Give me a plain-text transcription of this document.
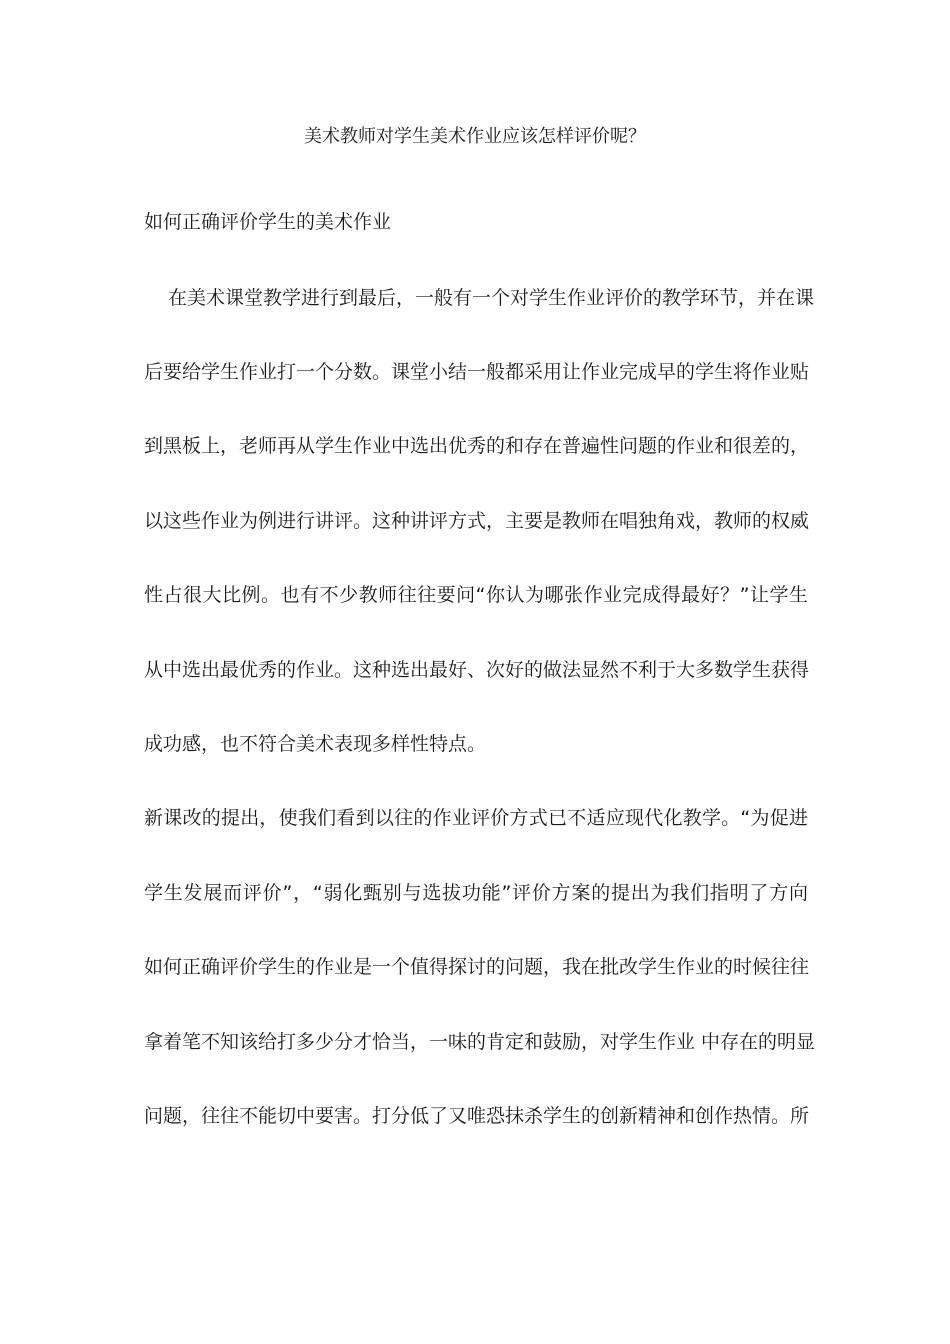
美术教师对学生美术作业应该怎样评价呢？
如何正确评价学生的美术作业
在美术课堂教学进行到最后，一般有一个对学生作业评价的教学环节，并在课
后要给学生作业打一个分数。课堂小结一般都采用让作业完成早的学生将作业贴
到黑板上，老师再从学生作业中选出优秀的和存在普遍性问题的作业和很差的，
以这些作业为例进行讲评。这种讲评方式，主要是教师在唱独角戏，教师的权威
性占很大比例。也有不少教师往往要问“你认为哪张作业完成得最好？”让学生
从中选出最优秀的作业。这种选出最好、次好的做法显然不利于大多数学生获得
成功感，也不符合美术表现多样性特点。
新课改的提出，使我们看到以往的作业评价方式已不适应现代化教学。“为促进
学生发展而评价”，“弱化甄别与选拔功能”评价方案的提出为我们指明了方向
如何正确评价学生的作业是一个值得探讨的问题，我在批改学生作业的时候往往
拿着笔不知该给打多少分才恰当，一味的肯定和鼓励，对学生作业 中存在的明显
问题，往往不能切中要害。打分低了又唯恐抹杀学生的创新精神和创作热情。所
